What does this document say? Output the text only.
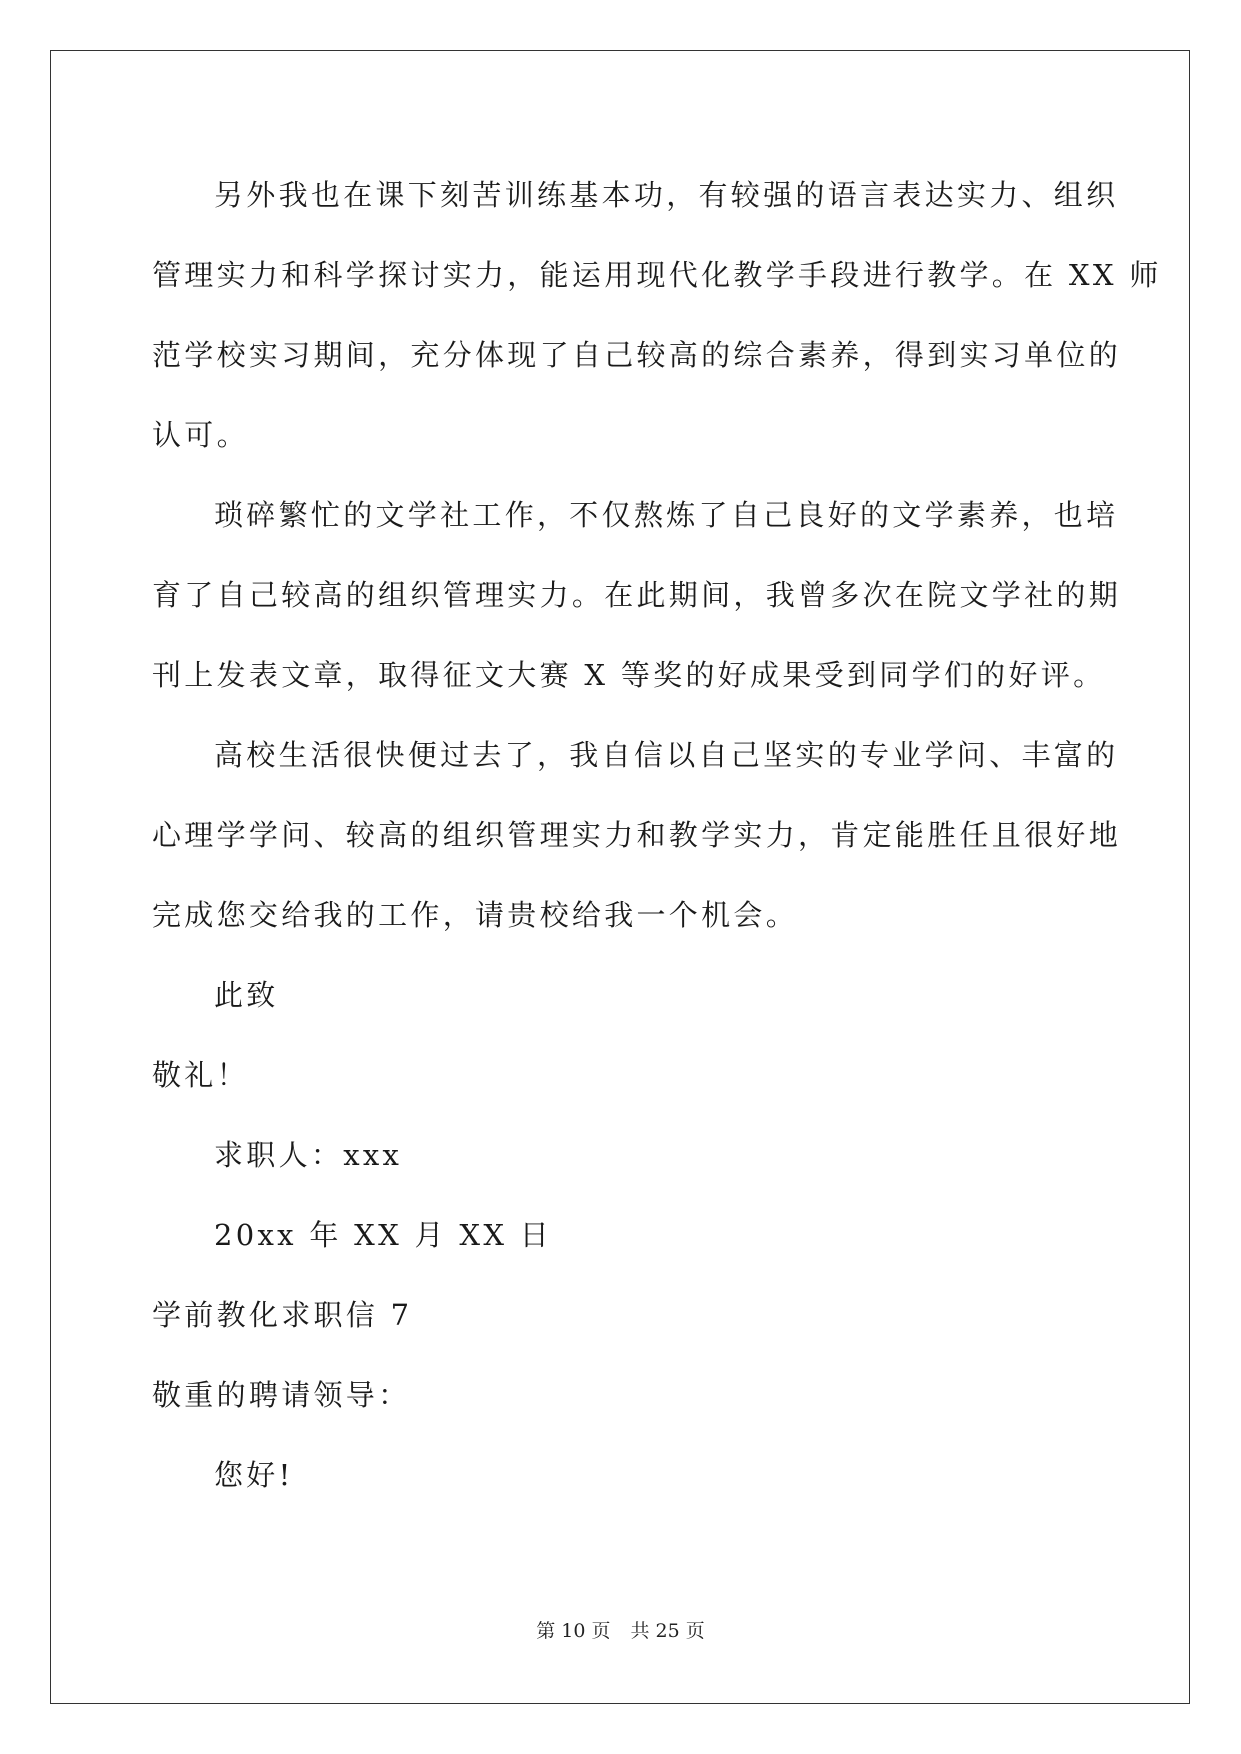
另外我也在课下刻苦训练基本功，有较强的语言表达实力、组织

管理实力和科学探讨实力，能运用现代化教学手段进行教学。在 XX 师

范学校实习期间，充分体现了自己较高的综合素养，得到实习单位的

认可。

琐碎繁忙的文学社工作，不仅熬炼了自己良好的文学素养，也培

育了自己较高的组织管理实力。在此期间，我曾多次在院文学社的期

刊上发表文章，取得征文大赛 X 等奖的好成果受到同学们的好评。

高校生活很快便过去了，我自信以自己坚实的专业学问、丰富的

心理学学问、较高的组织管理实力和教学实力，肯定能胜任且很好地

完成您交给我的工作，请贵校给我一个机会。

此致

敬礼！

求职人：xxx

20xx 年 XX 月 XX 日

学前教化求职信 7

敬重的聘请领导：

您好!

第 10 页 共 25 页
